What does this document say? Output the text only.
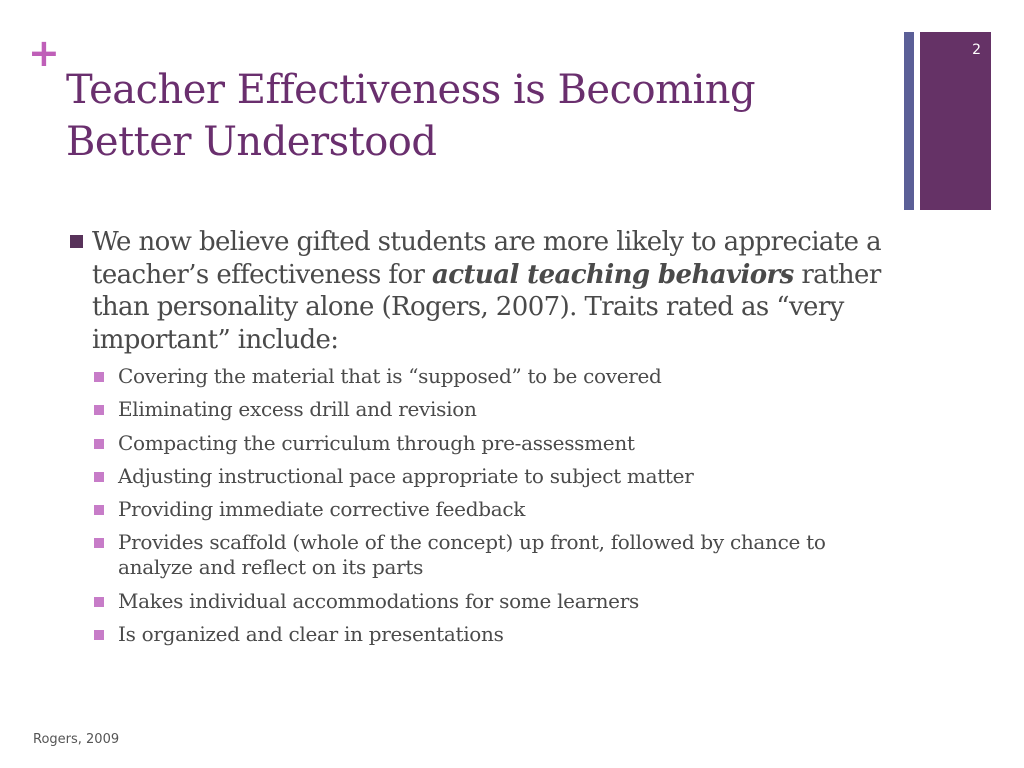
+
Teacher Effectiveness is Becoming Better Understood
2

We now believe gifted students are more likely to appreciate a teacher’s effectiveness for actual teaching behaviors rather than personality alone (Rogers, 2007). Traits rated as “very important” include:

Covering the material that is “supposed” to be covered
Eliminating excess drill and revision
Compacting the curriculum through pre-assessment
Adjusting instructional pace appropriate to subject matter
Providing immediate corrective feedback
Provides scaffold (whole of the concept) up front, followed by chance to analyze and reflect on its parts
Makes individual accommodations for some learners
Is organized and clear in presentations
Rogers, 2009
